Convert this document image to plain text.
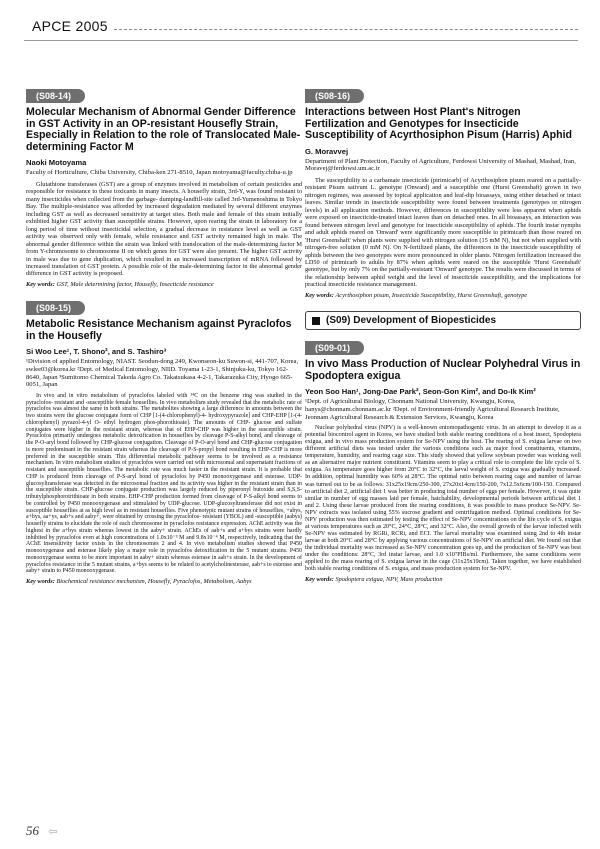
APCE 2005
(S08-14)
Molecular Mechanism of Abnormal Gender Difference in GST Activity in an OP-resistant Housefly Strain, Especially in Relation to the role of Translocated Male-determining Factor M
Naoki Motoyama
Faculty of Horticulture, Chiba University, Chiba-ken 271-8510, Japan motoyama@faculty.chiba-u.jp
Glutathione transferases (GST) are a group of enzymes involved in metabolism of certain pesticides and responsible for resistance to these toxicants in many insects. A housefly strain, 3rd-Y, was found resistant to many insecticides when collected from the garbage- dumping-landfill-site called 3rd-Yumenoshima in Tokyo Bay. The multiple-resistance was afforded by increased degradation mediated by several different enzymes including GST as well as decreased sensitivity at target sites. Both male and female of this strain initially exhibited higher GST activity than susceptible strains. However, upon rearing the strain in laboratory for a long period of time without insecticidal selection, a gradual decrease in resistance level as well as GST activity was observed only with female, while resistance and GST activity remained high in male. The abnormal gender difference within the strain was linked with translocation of the male-determining factor M from Y-chromosome to chromosome II on which genes for GST were also present. The higher GST activity in male was due to gene duplication, which resulted in an increased transcription of mRNA followed by increased translation of GST protein. A possible role of the male-determining factor in the abnormal gender difference in GST activity is proposed.
Key words: GST, Male determining factor, Housefly, Insecticide resistance
(S08-15)
Metabolic Resistance Mechanism against Pyraclofos in the Housefly
Si Woo Lee¹, T. Shono², and S. Tashiro³
¹Division of applied Entomology, NIAST. Seodun-dong 249, Kwonseon-ku Suwon-si, 441-707, Korea, swlee03@korea.kr ²Dept. of Medical Entomology, NIID. Toyama 1-23-1, Shinjuku-ku, Tokyo 162-8640, Japan ³Sumitomo Chemical Takeda Agro Co. Takatsukasa 4-2-1, Takarazuka City, Hyogo 665-0051, Japan
In vivo and in vitro metabolism of pyraclofos labeled with ¹⁴C on the benzene ring was studied in the pyraclofos- resistant and -susceptible female houseflies. In vivo metabolism study revealed that the metabolic rate of pyraclofos was almost the same in both strains. The metabolites showing a large difference in amounts between the two strains were the glucose conjugate form of CHP [1-(4-chlorophenyl)-4- hydroxypyrazole] and CHP-EHP [1-(4-chlorophenyl) pyrazol-4-yl O- ethyl hydrogen phos-phorothioate]. The amounts of CHP- glucose and sulfate conjugates were higher in the resistant strain, whereas that of EHP-CHP was higher in the susceptible strain. Pyraclofos primarily undergoes metabolic detoxification in houseflies by cleavage P-S-alkyl bond, and cleavage of the P-O-aryl bond followed by CHP-glucose conjugation. Cleavage of P-O-aryl bond and CHP-glucose conjugation is more predominant in the resistant strain whereas the cleavage of P-S-propyl bond resulting in EHP-CHP is more preferred in the susceptible strain. This differential metabolic pathway seems to be involved as a resistance mechanism. In vitro metabolism studies of pyraclofos were carried out with microsomal and supernatant fractions of resistant and susceptible houseflies. The metabolic rate was much faster in the resistant strain. It is probable that CHP is produced from cleavage of P-S-aryl bond of pyraclofos by P450 monooxygenase and esterase. UDP-glucosyltransferase was detected in the microsomal fraction and its activity was higher in the resistant strain than in the susceptible strain. CHP-glucose conjugate production was largely reduced by piperonyl butoxide and S,S,S-tributylphosphorotrithioate in both strains. EHP-CHP production formed from cleavage of P-S-alkyl bond seems to be controlled by P450 monooxygenase and stimulated by UDP-glucose. UDP-glucosyltransferase did not exist in susceptible houseflies at as high level as in resistant houseflies. Five phenotypic mutant strains of houseflies, +abys, a+bys, aa+ys, aab+s and aaby+, were obtained by crossing the pyraclofos- resistant (YBOL) and -susceptible (aabys) housefly strains to elucidate the role of each chromosome in pyraclofos resistance expression. AChE activity was the highest in the a+bys strain whereas lowest in the aaby+ strain. AChEs of aab+s and a+bys strains were hardly inhibited by pyraclofos even at high concentrations of 1.0x10⁻³ M and 9.8x10⁻⁴ M, respectively, indicating that the AChE insensitivity factor exists in the chromosomes 2 and 4. In vivo metabolism studies showed that P450 monooxygenase and esterase likely play a major role in pyraclofos detoxification in the 5 mutant strains. P450 monooxygenase seems to be more important in aaby+ strain whereas esterase in aab+s strain. In the development of pyraclofos resistance in the 5 mutant strains, a+bys seems to be related to acetylcholinesterase, aab+s to esterase and aaby+ strain to P450 monooxygenase.
Key words: Biochemical resistance mechanism, Housefly, Pyraclofos, Metabolism, Aabys
(S08-16)
Interactions between Host Plant's Nitrogen Fertilization and Genotypes for Insecticide Susceptibility of Acyrthosiphon Pisum (Harris) Aphid
G. Moravvej
Department of Plant Protection, Faculty of Agriculture, Ferdowsi University of Mashad, Mashad, Iran, Moravej@ferdowsi.um.ac.ir
The susceptibility to a carbamate insecticide (pirimicarb) of Acyrthosiphon pisum reared on a partially-resistant Pisum sativum L. genotype (Onward) and a susceptible one (Hurst Greenshaft) grown in two nitrogen regimes, was assessed by topical application and leaf-dip bioassays, using either detached or intact leaves. Similar trends in insecticide susceptibility were found between treatments (genotypes or nitrogen levels) in all application methods. However, differences in susceptibility were less apparent when aphids were exposed on insecticide-treated intact leaves than on detached ones. In all bioassays, an interaction was found between nitrogen level and genotype for insecticide susceptibility of aphids. The fourth instar nymphs and adult aphids reared on 'Onward' were significantly more susceptible to pirimicarb than those reared on 'Hurst Greenshaft' when plants were supplied with nitrogen solution (15 mM N), but not when supplied with nitrogen-free solution (0 mM N). On N-fertilized plants, the differences in the insecticide susceptibility of aphids between the two genotypes were more pronounced in older plants. Nitrogen fertilization increased the LD50 of pirimicarb to adults by 87% when aphids were reared on the susceptible 'Hurst Greenshaft' genotype, but by only 7% on the partially-resistant 'Onward' genotype. The results were discussed in terms of the relationship between aphid weight and the level of insecticide susceptibility, and the implications for practical insecticide resistance management.
Key words: Acyrthosiphon pisum, Insecticide Susceptibility, Hurst Greenshaft, genotype
(S09) Development of Biopesticides
(S09-01)
In vivo Mass Production of Nuclear Polyhedral Virus in Spodoptera exigua
Yeon Soo Han¹, Jong-Dae Park², Seon-Gon Kim², and Do-Ik Kim²
¹Dept. of Agricultural Biology, Chonnam National University, Kwangju, Korea, hanys@chonnam.chonnam.ac.kr ²Dept. of Environment-friendly Agricultural Research Institute, Jeonnam Agricultural Research & Extension Services, Kwangju, Korea
Nuclear polyhedral virus (NPV) is a well-known entomopathogenic virus. In an attempt to develop it as a potential biocontrol agent in Korea, we have studied both stable rearing conditions of a host insect, Spodoptera exigua, and in vivo mass production system for Se-NPV using the host. The rearing of S. exigua larvae on two different artificial diets was tested under the various conditions such as major food constituents, vitamins, temperature, humidity, and rearing cage size. This study showed that yellow soybean powder was working well as an alternative major nutrient constituent. Vitamins seem to play a critical role to complete the life cycle of S. exigua. As temperature goes higher from 20°C to 32°C, the larval weight of S. exigua was gradually increased. In addition, optimal humidity was 60% at 28°C. The optimal ratio between rearing cage and number of larvae was turned out to be as follows: 31x25x19cm/250-300, 27x20x14cm/150-200, 7x12.5x6cm/100-150. Compared to artificial diet 2, artificial diet 1 was better in producing total number of eggs per female. However, it was quite similar in number of egg masses laid per female, hatchability, developmental periods between artificial diet 1 and 2. Using these larvae produced from the rearing conditions, it was possible to mass produce Se-NPV. Se-NPV extracts was isolated using 55% sucrose gradient and centrifugation method. Optimal conditions for Se-NPV production was then estimated by testing the effect of Se-NPV concentrations on the life cycle of S. exigua at various temperatures such as 20°C, 24°C, 28°C, and 32°C. Also, the overall growth of the larvae infected with Se-NPV was estimated by RGRi, RCRi, and ECI. The larval mortality was examined using 2nd to 4th instar larvae at both 20°C and 28°C by applying various concentrations of Se-NPV on artificial diet. We found out that the individual mortality was increased as Se-NPV concentration goes up, and the production of Se-NPV was best under the conditions: 28°C, 3rd instar larvae, and 1.0 x10⁷PIBs/ml. Furthermore, the same conditions were applied to the mass rearing of S. exigua larvae in the cage (31x25x19cm). Taken together, we have established both stable rearing conditions of S. exigua, and mass production system for Se-NPV.
Key words: Spodoptera exigua, NPV, Mass production
56 ⇦
